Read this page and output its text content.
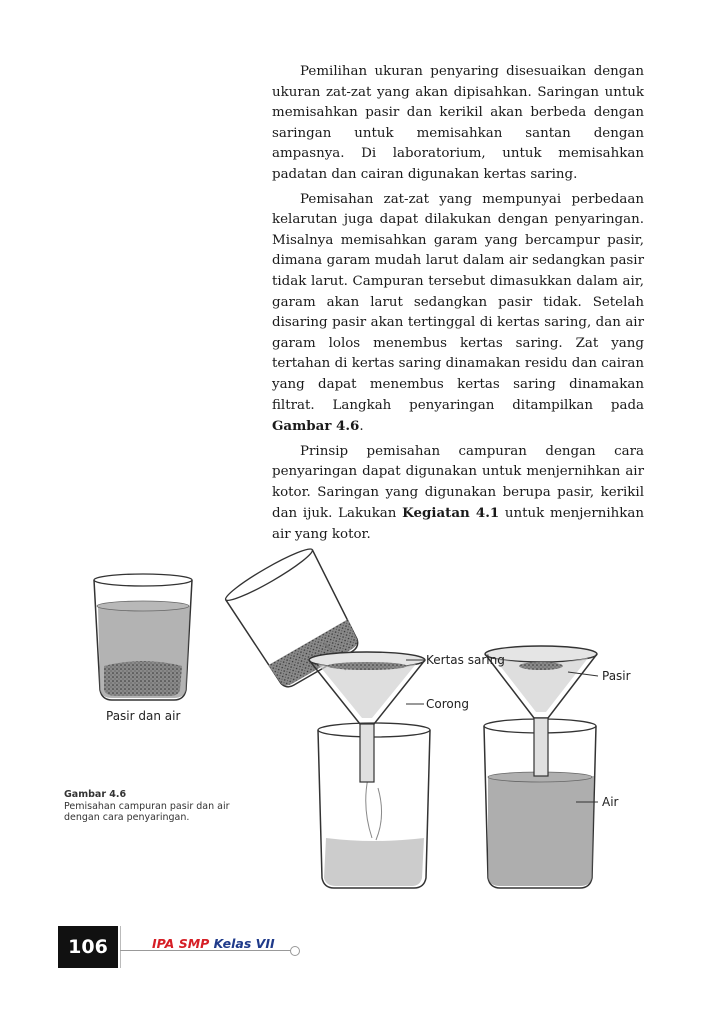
Pemilihan ukuran penyaring disesuaikan dengan ukuran zat-zat yang akan dipisahkan. Saringan untuk memisahkan pasir dan kerikil akan berbeda dengan saringan untuk memisahkan santan dengan ampasnya. Di laboratorium, untuk memisahkan padatan dan cairan digunakan kertas saring.

Pemisahan zat-zat yang mempunyai perbedaan kelarutan juga dapat dilakukan dengan penyaringan. Misalnya memisahkan garam yang bercampur pasir, dimana garam mudah larut dalam air sedangkan pasir tidak larut. Campuran tersebut dimasukkan dalam air, garam akan larut sedangkan pasir tidak. Setelah disaring pasir akan tertinggal di kertas saring, dan air garam lolos menembus kertas saring. Zat yang tertahan di kertas saring dinamakan residu dan cairan yang dapat menembus kertas saring dinamakan filtrat. Langkah penyaringan ditampilkan pada Gambar 4.6.

Prinsip pemisahan campuran dengan cara penyaringan dapat digunakan untuk menjernihkan air kotor. Saringan yang digunakan berupa pasir, kerikil dan ijuk. Lakukan Kegiatan 4.1 untuk menjernihkan air yang kotor.

Pasir dan air
Kertas saring
Corong
Pasir
Air
Gambar 4.6
Pemisahan campuran pasir dan air dengan cara penyaringan.
106	IPA SMP Kelas VII
